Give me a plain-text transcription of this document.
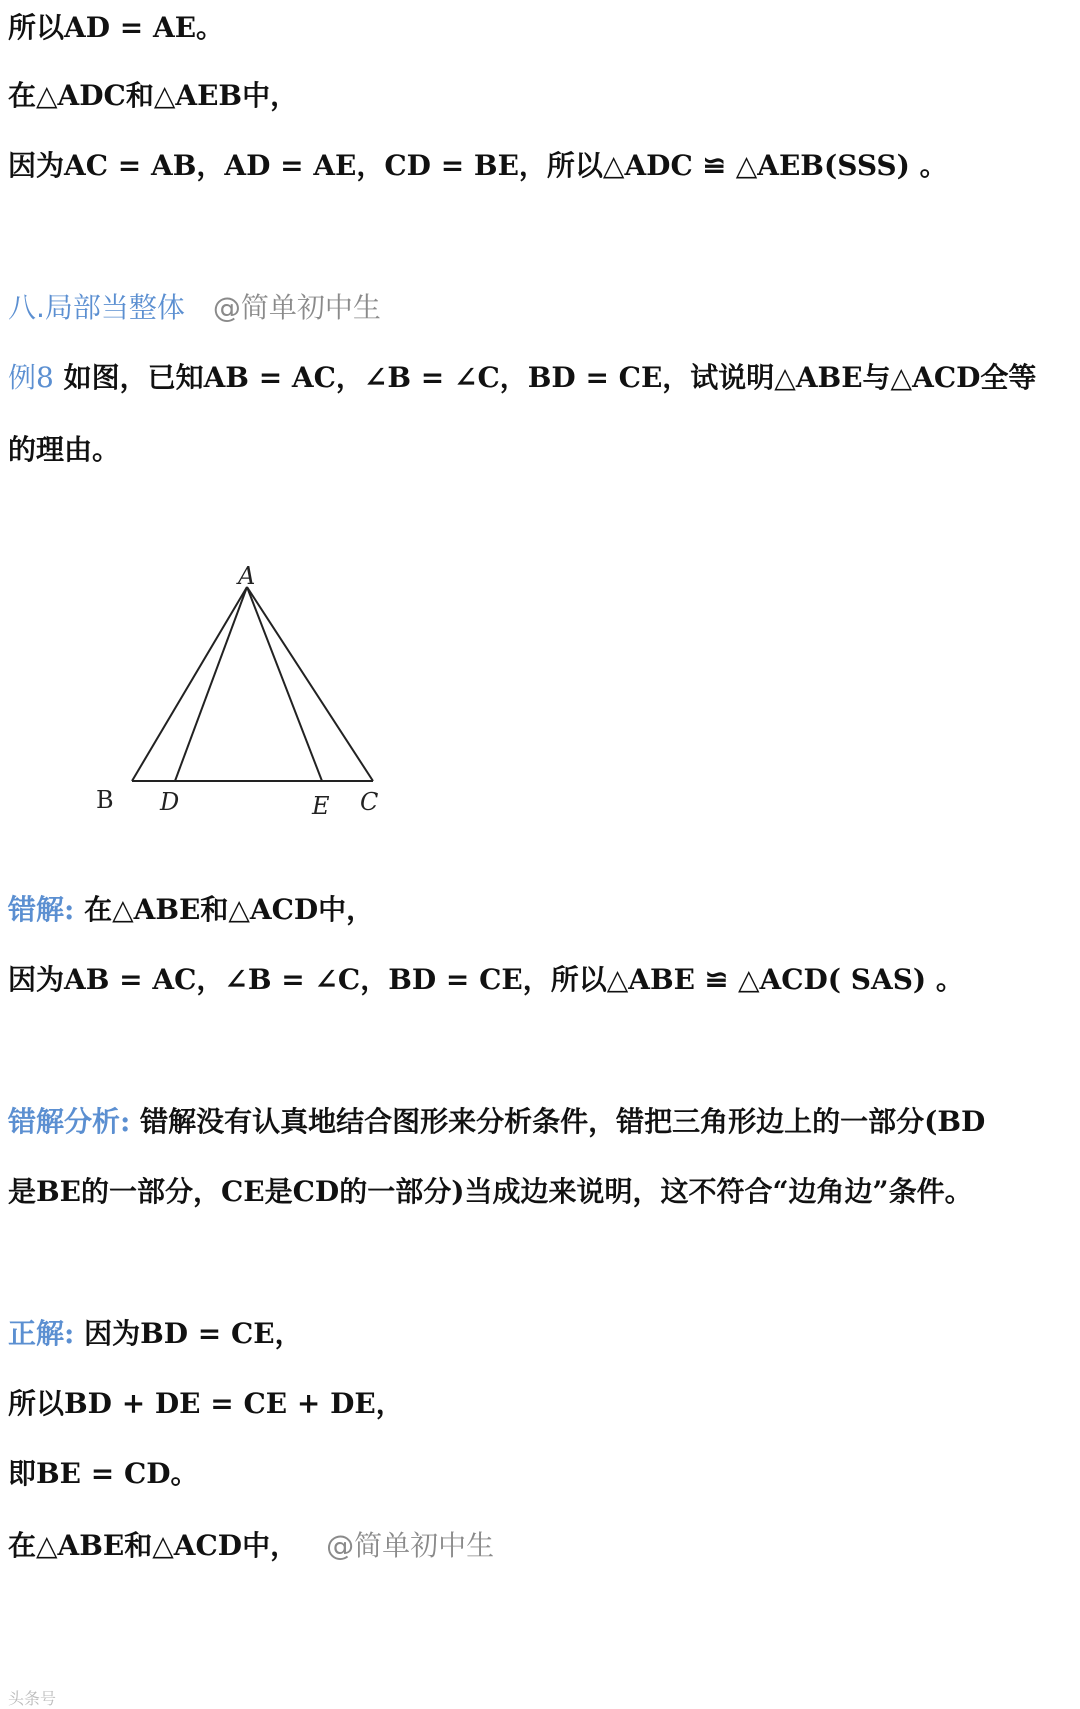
所以AD = AE。
在△ADC和△AEB中，
因为AC = AB，AD = AE，CD = BE，所以△ADC ≌ △AEB(SSS) 。
八.局部当整体 @简单初中生
例8 如图，已知AB = AC，∠B = ∠C，BD = CE，试说明△ABE与△ACD全等
的理由。
A
B D	E C
错解: 在△ABE和△ACD中，
因为AB = AC，∠B = ∠C，BD = CE，所以△ABE ≌ △ACD( SAS) 。
错解分析: 错解没有认真地结合图形来分析条件，错把三角形边上的一部分(BD
是BE的一部分，CE是CD的一部分)当成边来说明，这不符合“边角边”条件。
正解: 因为BD = CE，
所以BD + DE = CE + DE，
即BE = CD。
在△ABE和△ACD中， @简单初中生
头条号
